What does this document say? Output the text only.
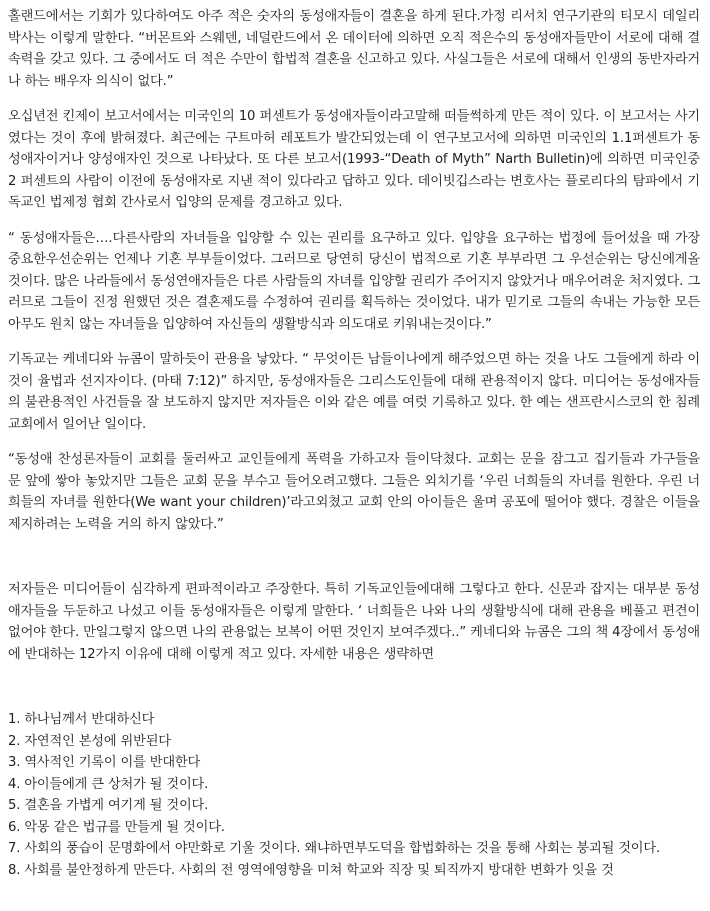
홀랜드에서는 기회가 있다하여도 아주 적은 숫자의 동성애자들이 결혼을 하게 된다.가정 리서치 연구기관의 티모시 데일리 박사는 이렇게 말한다. “버몬트와 스웨덴, 네덜란드에서 온 데이터에 의하면 오직 적은수의 동성애자들만이 서로에 대해 결속력을 갖고 있다. 그 중에서도 더 적은 수만이 합법적 결혼을 신고하고 있다. 사실그들은 서로에 대해서 인생의 동반자라거나 하는 배우자 의식이 없다.”

오십년전 킨제이 보고서에서는 미국인의 10 퍼센트가 동성애자들이라고말해 떠들썩하게 만든 적이 있다. 이 보고서는 사기였다는 것이 후에 밝혀졌다. 최근에는 구트마허 레포트가 발간되었는데 이 연구보고서에 의하면 미국인의 1.1퍼센트가 동성애자이거나 양성애자인 것으로 나타났다. 또 다른 보고서(1993-“Death of Myth” Narth Bulletin)에 의하면 미국인중 2 퍼센트의 사람이 이전에 동성애자로 지낸 적이 있다라고 답하고 있다. 데이빗깁스라는 변호사는 플로리다의 탐파에서 기독교인 법제정 협회 간사로서 입양의 문제를 경고하고 있다.

“ 동성애자들은….다른사람의 자녀들을 입양할 수 있는 권리를 요구하고 있다. 입양을 요구하는 법정에 들어섰을 때 가장 중요한우선순위는 언제나 기혼 부부들이었다. 그러므로 당연히 당신이 법적으로 기혼 부부라면 그 우선순위는 당신에게올 것이다. 많은 나라들에서 동성연애자들은 다른 사람들의 자녀를 입양할 권리가 주어지지 않았거나 매우어려운 처지였다. 그러므로 그들이 진정 원했던 것은 결혼제도를 수정하여 권리를 획득하는 것이었다. 내가 믿기로 그들의 속내는 가능한 모든 아무도 원치 않는 자녀들을 입양하여 자신들의 생활방식과 의도대로 키워내는것이다.”

기독교는 케네디와 뉴콤이 말하듯이 관용을 낳았다. “ 무엇이든 남들이나에게 해주었으면 하는 것을 나도 그들에게 하라 이것이 율법과 선지자이다. (마태 7:12)” 하지만, 동성애자들은 그리스도인들에 대해 관용적이지 않다. 미디어는 동성애자들의 불관용적인 사건들을 잘 보도하지 않지만 저자들은 이와 같은 예를 여럿 기록하고 있다. 한 예는 샌프란시스코의 한 침례교회에서 일어난 일이다.

“동성애 찬성론자들이 교회를 둘러싸고 교인들에게 폭력을 가하고자 들이닥쳤다. 교회는 문을 잠그고 집기들과 가구들을 문 앞에 쌓아 놓았지만 그들은 교회 문을 부수고 들어오려고했다. 그들은 외치기를 ‘우린 너희들의 자녀를 원한다. 우린 너희들의 자녀를 원한다(We want your children)’라고외쳤고 교회 안의 아이들은 울며 공포에 떨어야 했다. 경찰은 이들을 제지하려는 노력을 거의 하지 않았다.”

저자들은 미디어들이 심각하게 편파적이라고 주장한다. 특히 기독교인들에대해 그렇다고 한다. 신문과 잡지는 대부분 동성애자들을 두둔하고 나섰고 이들 동성애자들은 이렇게 말한다. ‘ 너희들은 나와 나의 생활방식에 대해 관용을 베풀고 편견이 없어야 한다. 만일그렇지 않으면 나의 관용없는 보복이 어떤 것인지 보여주겠다..” 케네디와 뉴콤은 그의 책 4장에서 동성애에 반대하는 12가지 이유에 대해 이렇게 적고 있다. 자세한 내용은 생략하면

1. 하나님께서 반대하신다
2. 자연적인 본성에 위반된다
3. 역사적인 기록이 이를 반대한다
4. 아이들에게 큰 상처가 될 것이다.
5. 결혼을 가볍게 여기게 될 것이다.
6. 악몽 같은 법규를 만들게 될 것이다.
7. 사회의 풍습이 문명화에서 야만화로 기울 것이다. 왜냐하면부도덕을 합법화하는 것을 통해 사회는 붕괴될 것이다.
8. 사회를 불안정하게 만든다. 사회의 전 영역에영향을 미쳐 학교와 직장 및 퇴직까지 방대한 변화가 잇을 것
